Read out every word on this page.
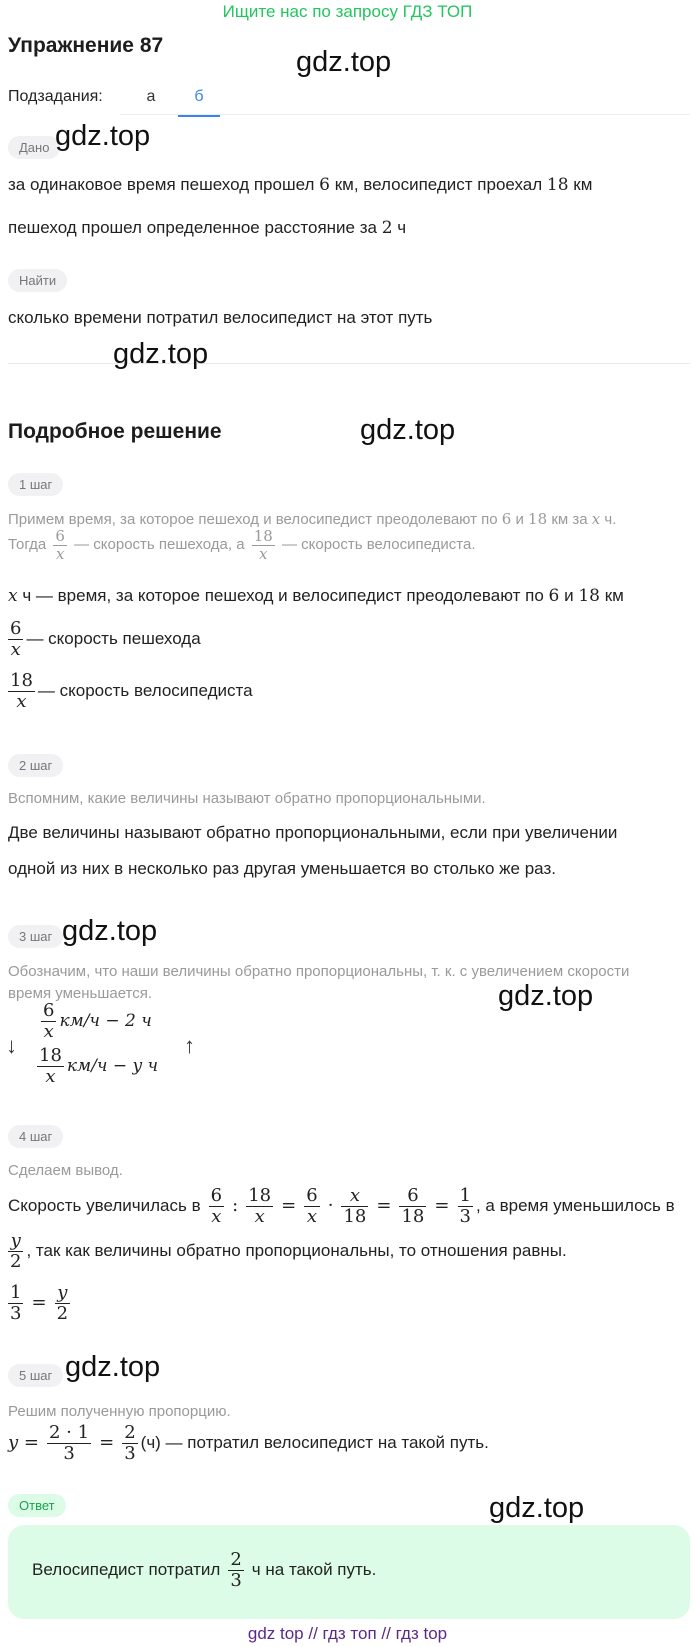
Ищите нас по запросу ГДЗ ТОП
Упражнение 87
gdz.top
Подзадания:	а	б
Дано gdz.top
за одинаковое время пешеход прошел 6 км, велосипедист проехал 18 км
пешеход прошел определенное расстояние за 2 ч
Найти
сколько времени потратил велосипедист на этот путь
gdz.top
Подробное решение	gdz.top
1 шаг
Примем время, за которое пешеход и велосипедист преодолевают по 6 и 18 км за x ч.
Тогда $\frac{6}{x}$ — скорость пешехода, а $\frac{18}{x}$ — скорость велосипедиста.
x ч — время, за которое пешеход и велосипедист преодолевают по 6 и 18 км
$\frac{6}{x}$ — скорость пешехода
$\frac{18}{x}$ — скорость велосипедиста
2 шаг
Вспомним, какие величины называют обратно пропорциональными.
Две величины называют обратно пропорциональными, если при увеличении
одной из них в несколько раз другая уменьшается во столько же раз.
3 шаг gdz.top
Обозначим, что наши величины обратно пропорциональны, т. к. с увеличением скорости
время уменьшается.	gdz.top
↓
$\frac{6}{x} км/ч - 2$ ч
$\frac{18}{x} км/ч - y$ ч
↑
4 шаг
Сделаем вывод.
Скорость увеличилась в $\frac{6}{x}$ : $\frac{18}{x} = \frac{6}{x} \cdot \frac{x}{18} = \frac{6}{18} = \frac{1}{3}$ , а время уменьшилось в
$\frac{y}{2}$ , так как величины обратно пропорциональны, то отношения равны.
$\frac{1}{3} = \frac{y}{2}$
5 шаг gdz.top
Решим полученную пропорцию.
$y = \frac{2 \cdot 1}{3} = \frac{2}{3} (ч)$ — потратил велосипедист на такой путь.
Ответ	gdz.top
Велосипедист потратил $\frac{2}{3}$ ч на такой путь.
gdz top // гдз топ // гдз top
